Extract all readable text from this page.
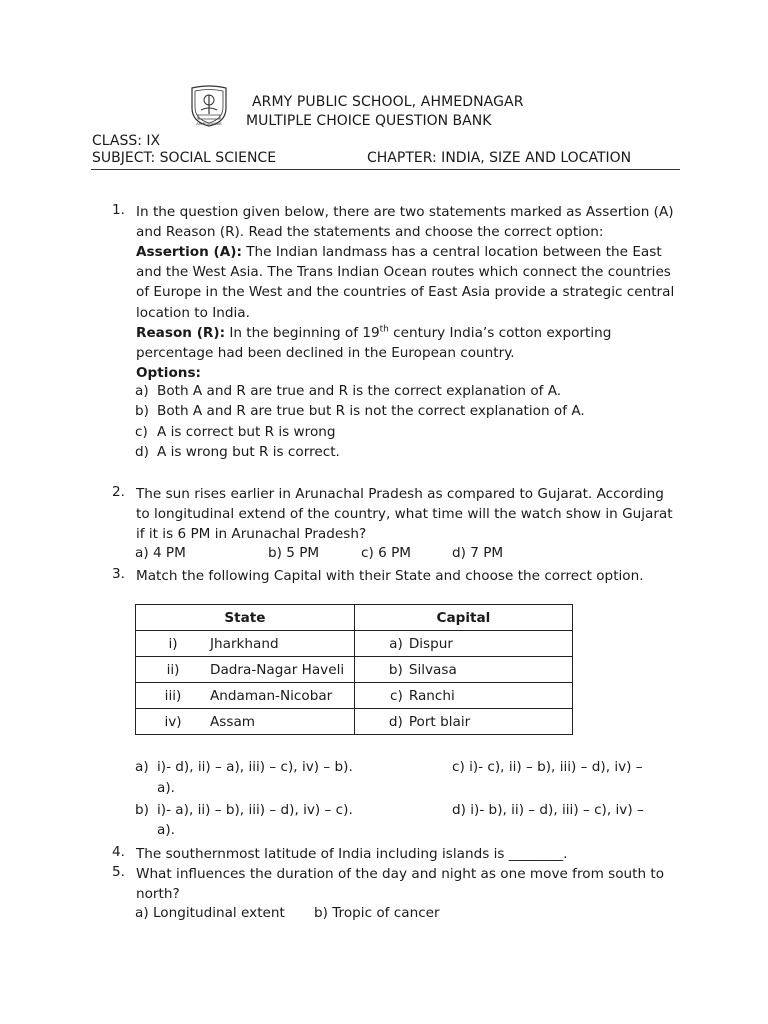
AHMEDNAGAR
ARMY PUBLIC SCHOOL, AHMEDNAGAR
MULTIPLE CHOICE QUESTION BANK
CLASS: IX
SUBJECT: SOCIAL SCIENCE	CHAPTER: INDIA, SIZE AND LOCATION
1. In the question given below, there are two statements marked as Assertion (A) and Reason (R). Read the statements and choose the correct option:
Assertion (A): The Indian landmass has a central location between the East and the West Asia. The Trans Indian Ocean routes which connect the countries of Europe in the West and the countries of East Asia provide a strategic central location to India.
Reason (R): In the beginning of 19th century India’s cotton exporting percentage had been declined in the European country.
Options:
a) Both A and R are true and R is the correct explanation of A.
b) Both A and R are true but R is not the correct explanation of A.
c) A is correct but R is wrong
d) A is wrong but R is correct.
2. The sun rises earlier in Arunachal Pradesh as compared to Gujarat. According to longitudinal extend of the country, what time will the watch show in Gujarat if it is 6 PM in Arunachal Pradesh?
a) 4 PM	b) 5 PM	c) 6 PM	d) 7 PM
3. Match the following Capital with their State and choose the correct option.
State	Capital

i) Jharkhand	a) Dispur

ii) Dadra-Nagar Haveli	b) Silvasa

iii) Andaman-Nicobar	c) Ranchi

iv) Assam	d) Port blair
a) i)- d), ii) – a), iii) – c), iv) – b).	c) i)- c), ii) – b), iii) – d), iv) –
a).
b) i)- a), ii) – b), iii) – d), iv) – c).	d) i)- b), ii) – d), iii) – c), iv) –
a).
4. The southernmost latitude of India including islands is ________.
5. What influences the duration of the day and night as one move from south to north?
a) Longitudinal extent b) Tropic of cancer
